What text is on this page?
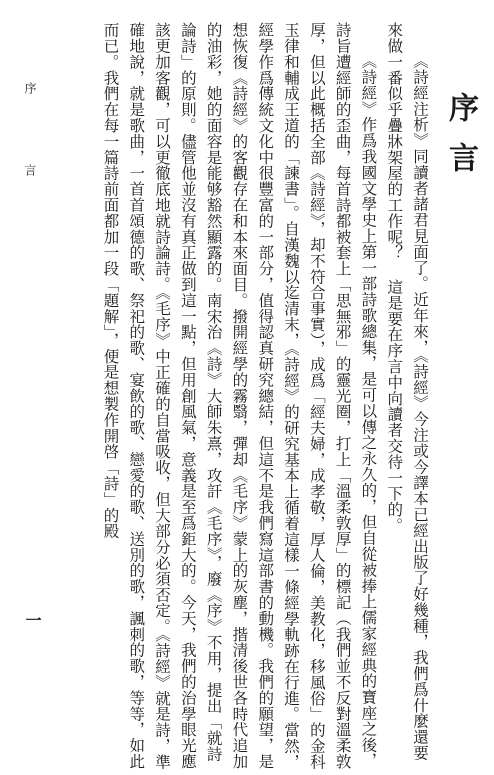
序 言
一
序言

《詩經注析》同讀者諸君見面了。近年來，《詩經》今注或今譯本已經出版了好幾種，我們爲什麼還要來做一番似乎疊牀架屋的工作呢？ 這是要在序言中向讀者交待一下的。

《詩經》作爲我國文學史上第一部詩歌總集，是可以傳之永久的，但自從被捧上儒家經典的寶座之後，詩旨遭經師的歪曲，每首詩都被套上「思無邪」的靈光圈，打上「溫柔敦厚」的標記（我們並不反對溫柔敦厚，但以此概括全部《詩經》，却不符合事實），成爲「經夫婦，成孝敬，厚人倫，美教化，移風俗」的金科玉律和輔成王道的「諫書」。自漢魏以迄清末，《詩經》的研究基本上循着這樣一條經學軌跡在行進。當然，經學作爲傳統文化中很豐富的一部分，值得認真研究總結，但這不是我們寫這部書的動機。我們的願望，是想恢復《詩經》的客觀存在和本來面目。撥開經學的霧翳，彈却《毛序》蒙上的灰塵，揩清後世各時代追加的油彩，她的面容是能够豁然顯露的。南宋治《詩》大師朱熹，攻訐《毛序》，廢《序》不用，提出「就詩論詩」的原則。儘管他並沒有真正做到這一點，但用創風氣，意義是至爲鉅大的。今天，我們的治學眼光應該更加客觀，可以更徹底地就詩論詩。《毛序》中正確的自當吸收，但大部分必須否定。《詩經》就是詩，準確地說，就是歌曲，一首首頌德的歌、祭祀的歌、宴飲的歌、戀愛的歌、送別的歌，諷刺的歌，等等，如此而已。我們在每一篇詩前面都加一段「題解」，便是想製作開啓「詩」的殿
